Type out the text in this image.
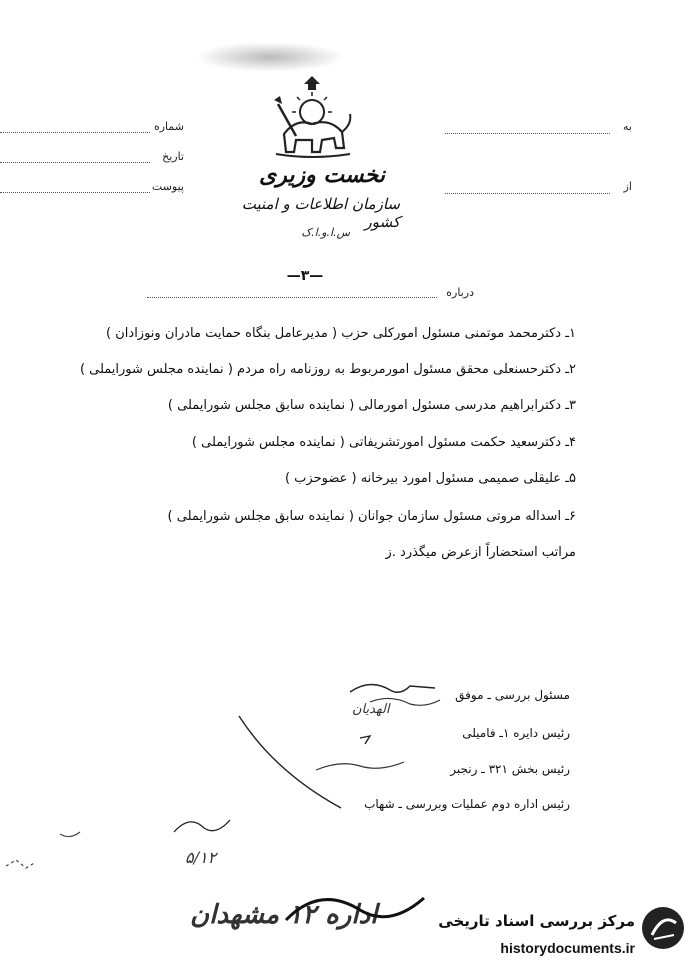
نخست وزیری
سازمان اطلاعات و امنیت کشور
س.ا.و.ا.ک
شماره
تاریخ
پیوست
به
از
—۳—
درباره
۱ـ دکترمحمد موتمنی مسئول امورکلی حزب ( مدیرعامل بنگاه حمایت مادران ونوزادان )
۲ـ دکترحسنعلی محقق مسئول امورمربوط به روزنامه راه مردم ( نماینده مجلس شورایملی )
۳ـ دکترابراهیم مدرسی مسئول امورمالی ( نماینده سابق مجلس شورایملی )
۴ـ دکترسعید حکمت مسئول امورتشریفاتی ( نماینده مجلس شورایملی )
۵ـ علیقلی صمیمی مسئول امورد بیرخانه ( عضوحزب )
۶ـ اسداله مروتی مسئول سازمان جوانان ( نماینده سابق مجلس شورایملی )
مراتب استحضاراً ازعرض میگذرد .ز
مسئول بررسی ـ موفق
رئیس دایره ۱ـ فامیلی
رئیس بخش ۳۲۱ ـ رنجبر
رئیس اداره دوم عملیات وبررسی ـ شهاب
الهدیان
۵/۱۲
اداره ۱۲ مشهدان	مرکز بررسی اسناد تاریخی
historydocuments.ir
